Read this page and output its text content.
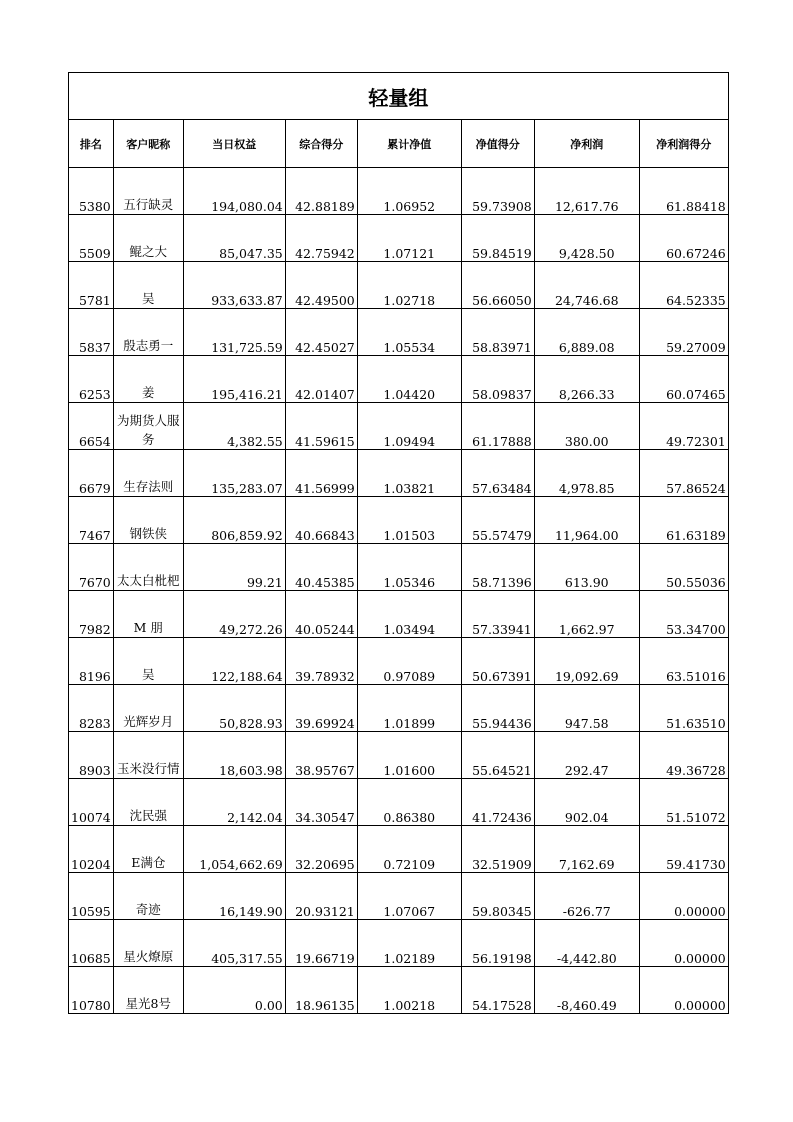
轻量组							
排名	客户昵称	当日权益	综合得分	累计净值	净值得分	净利润	净利润得分
5380	五行缺灵	194,080.04	42.88189	1.06952	59.73908	12,617.76	61.88418
5509	鲲之大	85,047.35	42.75942	1.07121	59.84519	9,428.50	60.67246
5781	吴	933,633.87	42.49500	1.02718	56.66050	24,746.68	64.52335
5837	殷志勇一	131,725.59	42.45027	1.05534	58.83971	6,889.08	59.27009
6253	姜	195,416.21	42.01407	1.04420	58.09837	8,266.33	60.07465
6654	为期货人服务	4,382.55	41.59615	1.09494	61.17888	380.00	49.72301
6679	生存法则	135,283.07	41.56999	1.03821	57.63484	4,978.85	57.86524
7467	钢铁侠	806,859.92	40.66843	1.01503	55.57479	11,964.00	61.63189
7670	太太白枇杷	99.21	40.45385	1.05346	58.71396	613.90	50.55036
7982	M 朋	49,272.26	40.05244	1.03494	57.33941	1,662.97	53.34700
8196	吴	122,188.64	39.78932	0.97089	50.67391	19,092.69	63.51016
8283	光辉岁月	50,828.93	39.69924	1.01899	55.94436	947.58	51.63510
8903	玉米没行情	18,603.98	38.95767	1.01600	55.64521	292.47	49.36728
10074	沈民强	2,142.04	34.30547	0.86380	41.72436	902.04	51.51072
10204	E满仓	1,054,662.69	32.20695	0.72109	32.51909	7,162.69	59.41730
10595	奇迹	16,149.90	20.93121	1.07067	59.80345	-626.77	0.00000
10685	星火燎原	405,317.55	19.66719	1.02189	56.19198	-4,442.80	0.00000
10780	星光8号	0.00	18.96135	1.00218	54.17528	-8,460.49	0.00000
